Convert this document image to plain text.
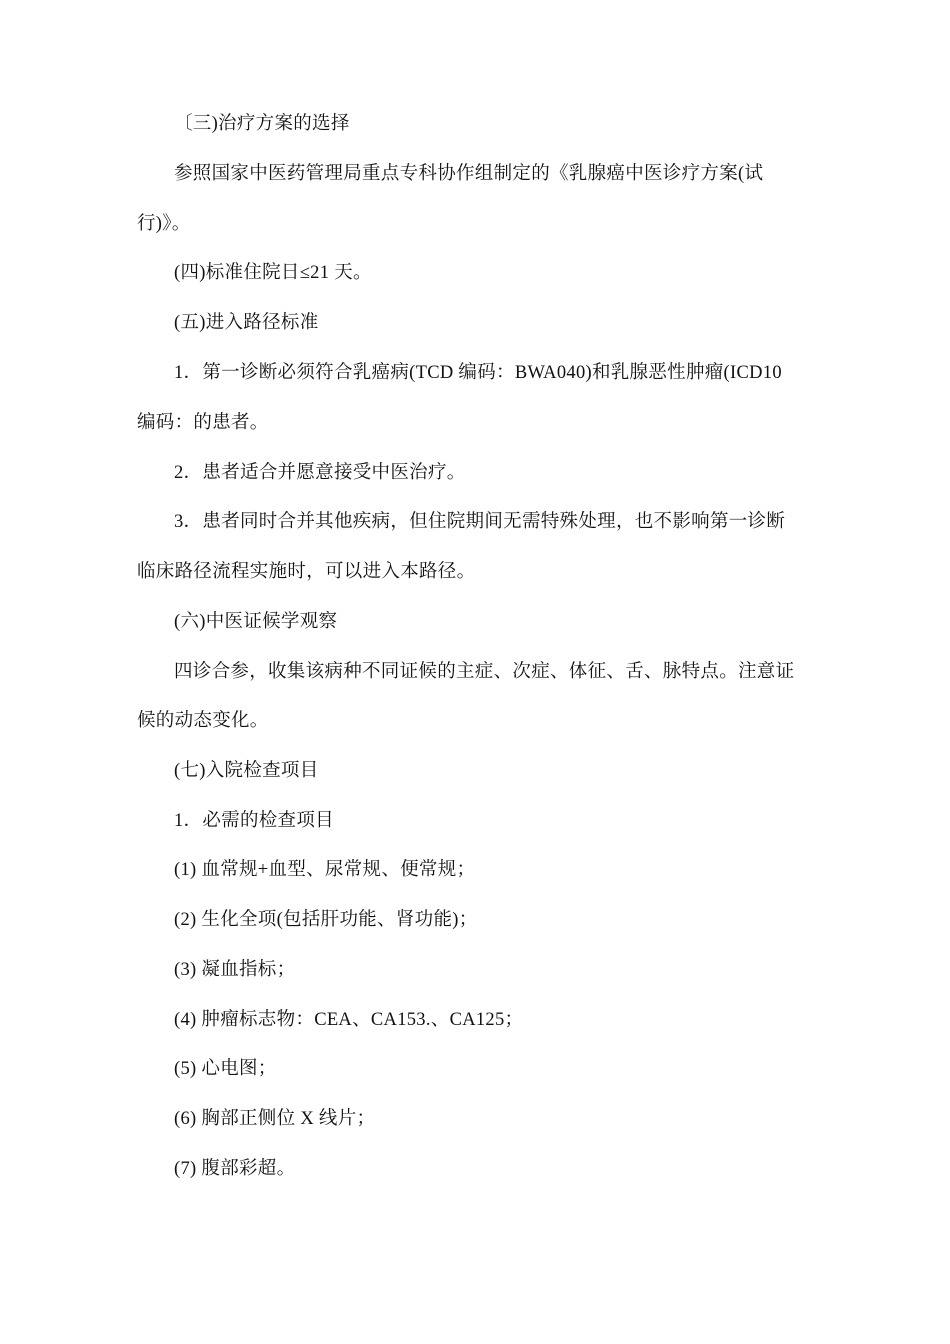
〔三)治疗方案的选择
参照国家中医药管理局重点专科协作组制定的《乳腺癌中医诊疗方案(试
行)》。
(四)标准住院日≤21 天。
(五)进入路径标准
1．第一诊断必须符合乳癌病(TCD 编码：BWA040)和乳腺恶性肿瘤(ICD10
编码：的患者。
2．患者适合并愿意接受中医治疗。
3．患者同时合并其他疾病，但住院期间无需特殊处理，也不影响第一诊断
临床路径流程实施时，可以进入本路径。
(六)中医证候学观察
四诊合参，收集该病种不同证候的主症、次症、体征、舌、脉特点。注意证
候的动态变化。
(七)入院检查项目
1．必需的检查项目
(1) 血常规+血型、尿常规、便常规；
(2) 生化全项(包括肝功能、肾功能)；
(3) 凝血指标；
(4) 肿瘤标志物：CEA、CA153.、CA125；
(5) 心电图；
(6) 胸部正侧位 X 线片；
(7) 腹部彩超。
